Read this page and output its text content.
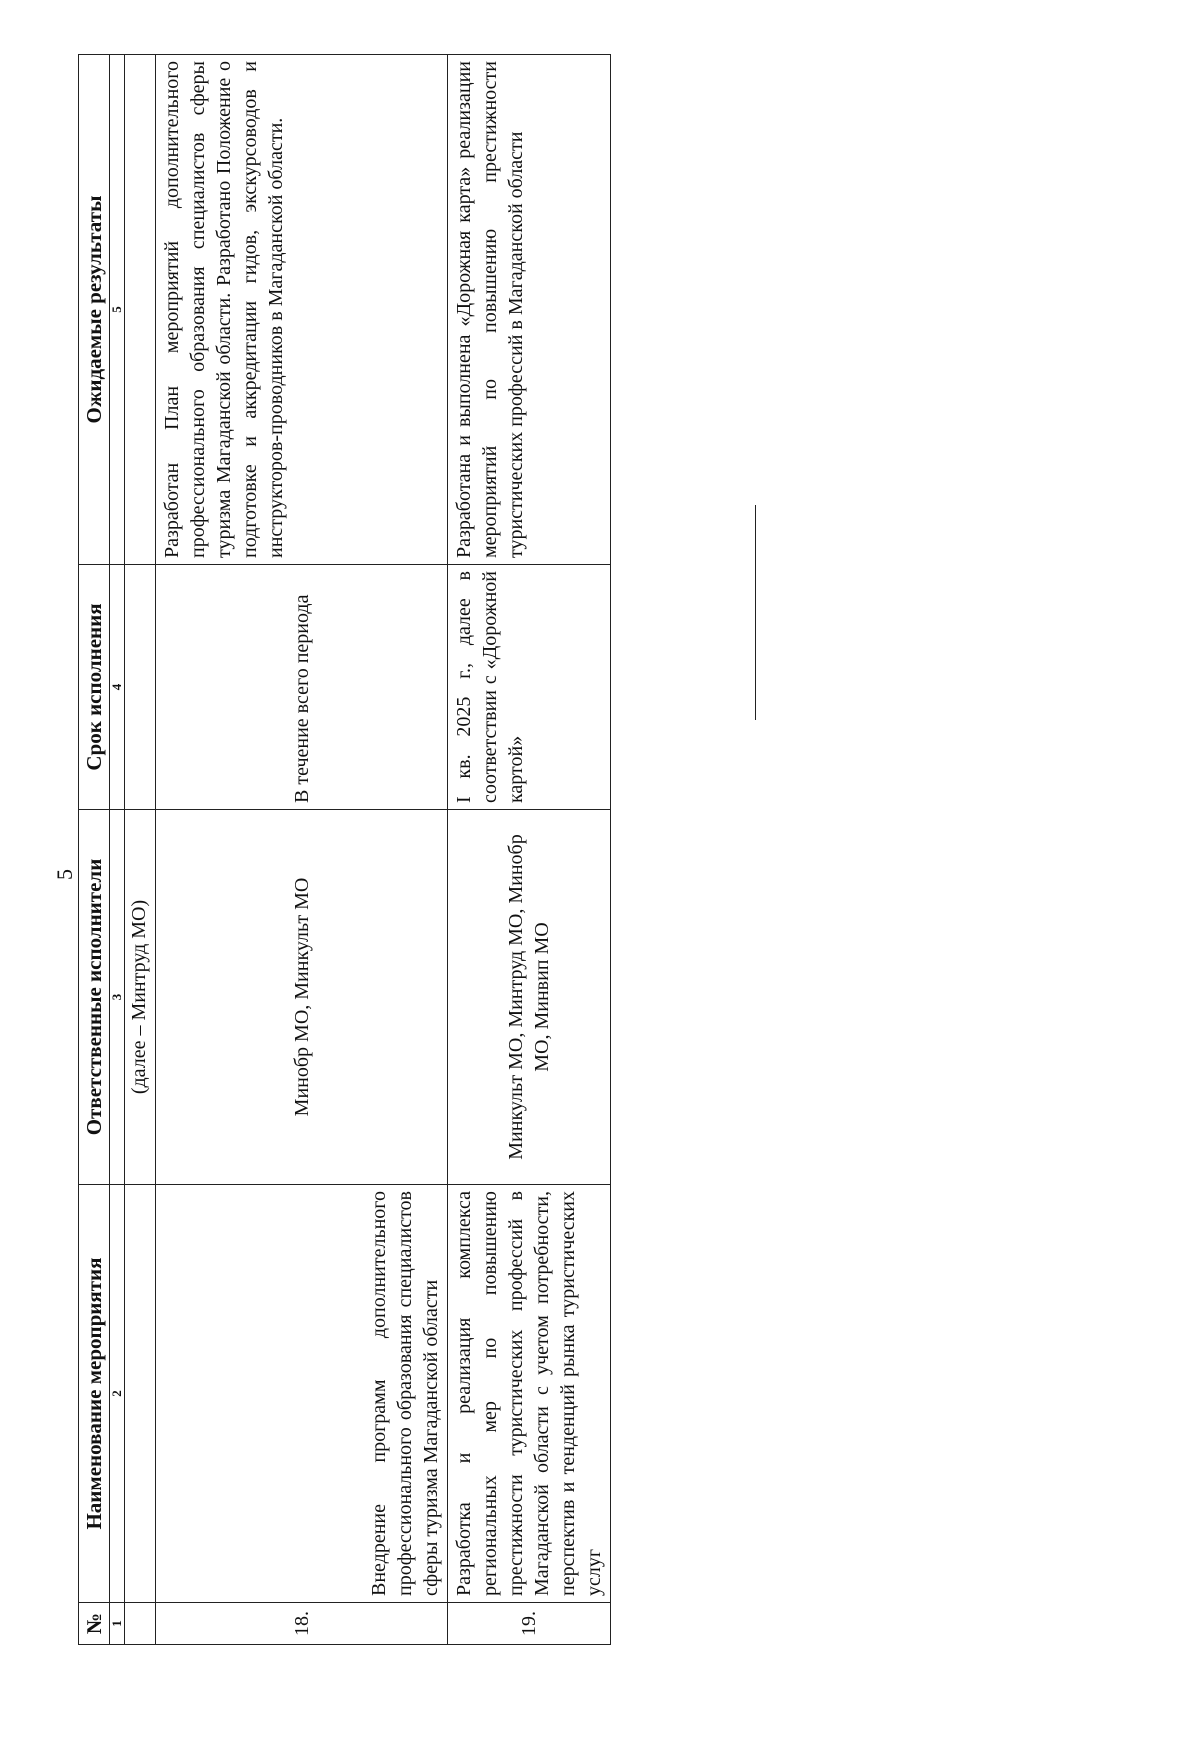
5
№	Наименование мероприятия	Ответственные исполнители	Срок исполнения	Ожидаемые результаты
1	2	3	4	5

		(далее – Минтруд МО)		

18.	Внедрение программ дополнительного профессионального образования специалистов сферы туризма Магаданской области	Минобр МО, Минкульт МО	В течение всего периода	Разработан План мероприятий дополнительного профессионального образования специалистов сферы туризма Магаданской области. Разработано Положение о подготовке и аккредитации гидов, экскурсоводов и инструкторов-проводников в Магаданской области.
19.	Разработка и реализация комплекса региональных мер по повышению престижности туристических профессий в Магаданской области с учетом потребности, перспектив и тенденций рынка туристических услуг	Минкульт МО, Минтруд МО, Минобр МО, Минвип МО	I кв. 2025 г., далее в соответствии с «Дорожной картой»	Разработана и выполнена «Дорожная карта» реализации мероприятий по повышению престижности туристических профессий в Магаданской области
